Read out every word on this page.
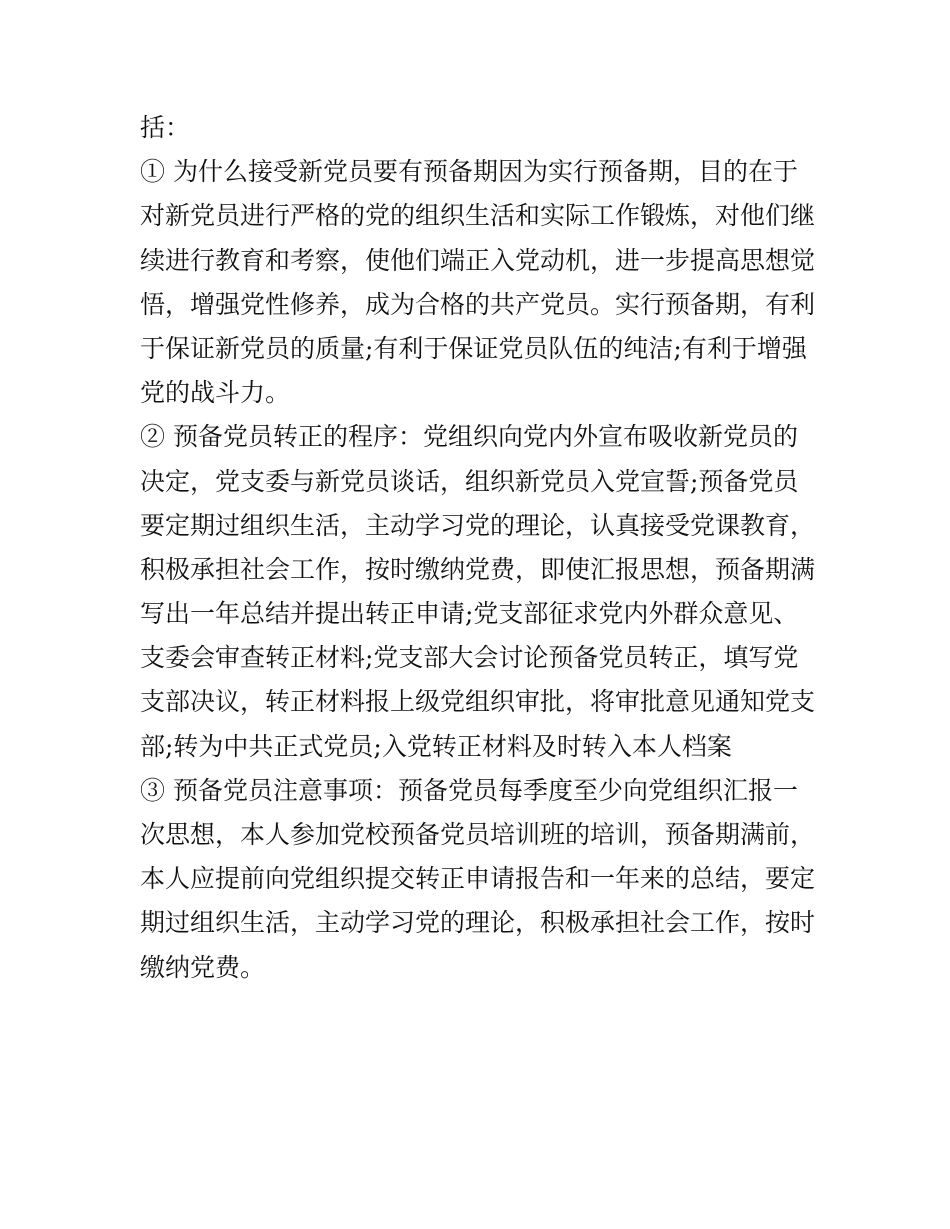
括：
① 为什么接受新党员要有预备期因为实行预备期，目的在于
对新党员进行严格的党的组织生活和实际工作锻炼，对他们继
续进行教育和考察，使他们端正入党动机，进一步提高思想觉
悟，增强党性修养，成为合格的共产党员。实行预备期，有利
于保证新党员的质量;有利于保证党员队伍的纯洁;有利于增强
党的战斗力。
② 预备党员转正的程序：党组织向党内外宣布吸收新党员的
决定，党支委与新党员谈话，组织新党员入党宣誓;预备党员
要定期过组织生活，主动学习党的理论，认真接受党课教育，
积极承担社会工作，按时缴纳党费，即使汇报思想，预备期满
写出一年总结并提出转正申请;党支部征求党内外群众意见、
支委会审查转正材料;党支部大会讨论预备党员转正，填写党
支部决议，转正材料报上级党组织审批，将审批意见通知党支
部;转为中共正式党员;入党转正材料及时转入本人档案
③ 预备党员注意事项：预备党员每季度至少向党组织汇报一
次思想，本人参加党校预备党员培训班的培训，预备期满前，
本人应提前向党组织提交转正申请报告和一年来的总结，要定
期过组织生活，主动学习党的理论，积极承担社会工作，按时
缴纳党费。
